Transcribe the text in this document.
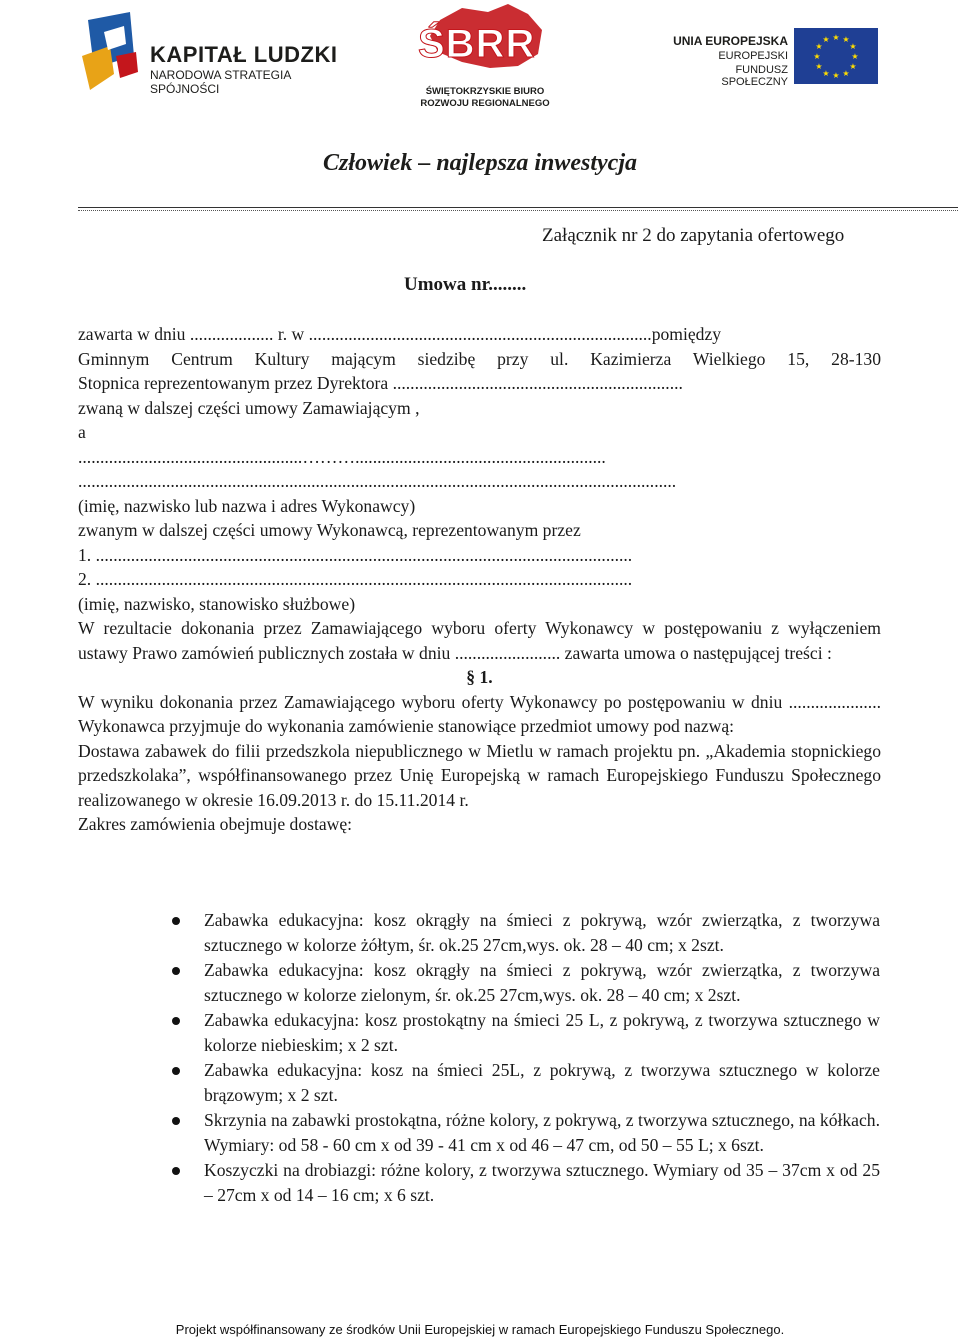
KAPITAŁ LUDZKI
NARODOWA STRATEGIA SPÓJNOŚCI
ŚBRR
ŚWIĘTOKRZYSKIE BIURO
ROZWOJU REGIONALNEGO
UNIA EUROPEJSKA
EUROPEJSKI
FUNDUSZ SPOŁECZNY
★ ★
★
★
★
★
★
★
★
★
★
★
Człowiek – najlepsza inwestycja
Załącznik nr 2 do zapytania ofertowego
Umowa nr........
zawarta w dniu ................... r. w ..............................................................................pomiędzy
Gminnym Centrum Kultury mającym siedzibę przy ul. Kazimierza Wielkiego 15, 28-130
Stopnica reprezentowanym przez Dyrektora ..................................................................
zwaną w dalszej części umowy Zamawiającym ,
a
...................................................……….........................................................
........................................................................................................................................
(imię, nazwisko lub nazwa i adres Wykonawcy)
zwanym w dalszej części umowy Wykonawcą, reprezentowanym przez
1. ..........................................................................................................................
2. ..........................................................................................................................
(imię, nazwisko, stanowisko służbowe)
W rezultacie dokonania przez Zamawiającego wyboru oferty Wykonawcy w postępowaniu z wyłączeniem ustawy Prawo zamówień publicznych została w dniu ........................ zawarta umowa o następującej treści :
§ 1.
W wyniku dokonania przez Zamawiającego wyboru oferty Wykonawcy po postępowaniu w dniu ..................... Wykonawca przyjmuje do wykonania zamówienie stanowiące przedmiot umowy pod nazwą:
Dostawa zabawek do filii przedszkola niepublicznego w Mietlu w ramach projektu pn. „Akademia stopnickiego przedszkolaka”, współfinansowanego przez Unię Europejską w ramach Europejskiego Funduszu Społecznego realizowanego w okresie 16.09.2013 r. do 15.11.2014 r.
Zakres zamówienia obejmuje dostawę:
Zabawka edukacyjna: kosz okrągły na śmieci z pokrywą, wzór zwierzątka, z tworzywa sztucznego w kolorze żółtym, śr. ok.25 27cm,wys. ok. 28 – 40 cm; x 2szt.
Zabawka edukacyjna: kosz okrągły na śmieci z pokrywą, wzór zwierzątka, z tworzywa sztucznego w kolorze zielonym, śr. ok.25 27cm,wys. ok. 28 – 40 cm; x 2szt.
Zabawka edukacyjna: kosz prostokątny na śmieci 25 L, z pokrywą, z tworzywa sztucznego w kolorze niebieskim; x 2 szt.
Zabawka edukacyjna: kosz na śmieci 25L, z pokrywą, z tworzywa sztucznego w kolorze brązowym; x 2 szt.
Skrzynia na zabawki prostokątna, różne kolory, z pokrywą, z tworzywa sztucznego, na kółkach. Wymiary: od 58 - 60 cm x od 39 - 41 cm x od 46 – 47 cm, od 50 – 55 L; x 6szt.
Koszyczki na drobiazgi: różne kolory, z tworzywa sztucznego. Wymiary od 35 – 37cm x od 25 – 27cm x od 14 – 16 cm; x 6 szt.
Projekt współfinansowany ze środków Unii Europejskiej w ramach Europejskiego Funduszu Społecznego.
